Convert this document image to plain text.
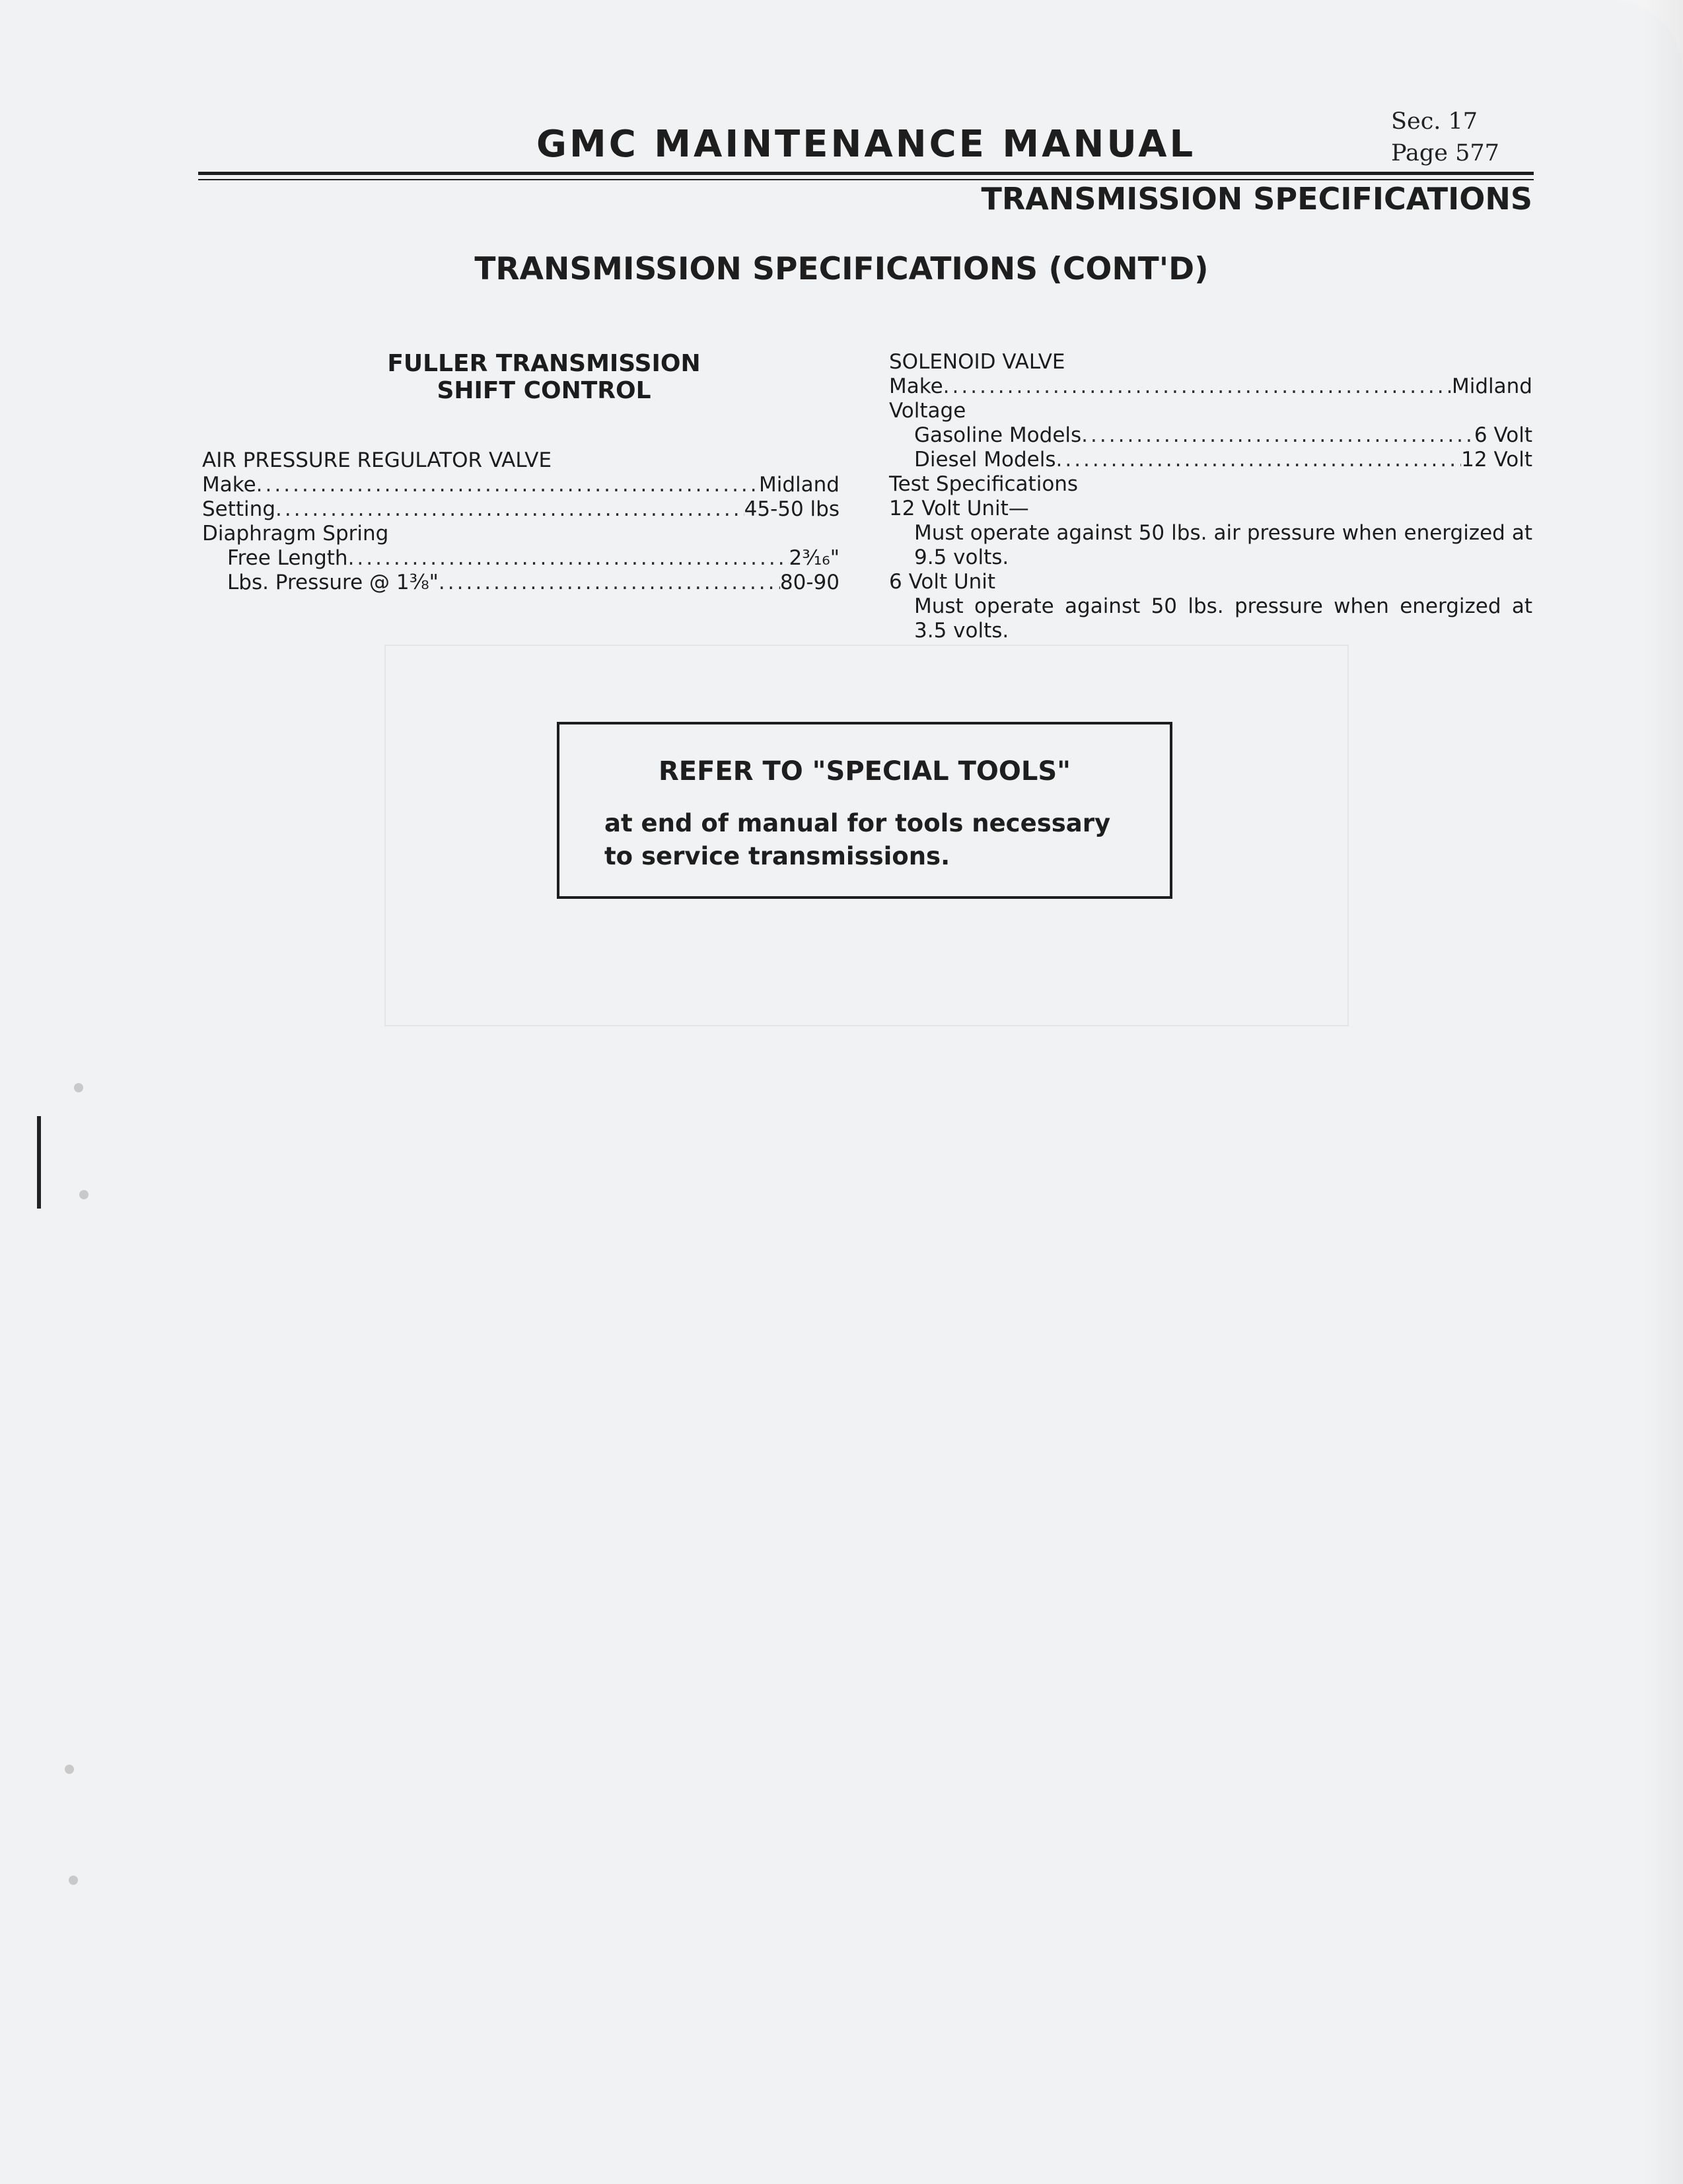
GMC MAINTENANCE MANUAL
Sec. 17
Page 577
TRANSMISSION SPECIFICATIONS
TRANSMISSION SPECIFICATIONS (CONT'D)

FULLER TRANSMISSION

SHIFT CONTROL

AIR PRESSURE REGULATOR VALVE
Make .....	Midland
Setting .....	45-50 lbs
Diaphragm Spring
Free Length .....	2³⁄₁₆"
Lbs. Pressure @ 1⅜" .....	80-90
SOLENOID VALVE
Make .....	Midland
Voltage
Gasoline Models .....	6 Volt
Diesel Models .....	12 Volt
Test Specifications
12 Volt Unit—
Must operate against 50 lbs. air pressure when energized at 9.5 volts.
6 Volt Unit
Must operate against 50 lbs. pressure when energized at 3.5 volts.
REFER TO "SPECIAL TOOLS"
at end of manual for tools necessary
to service transmissions.
